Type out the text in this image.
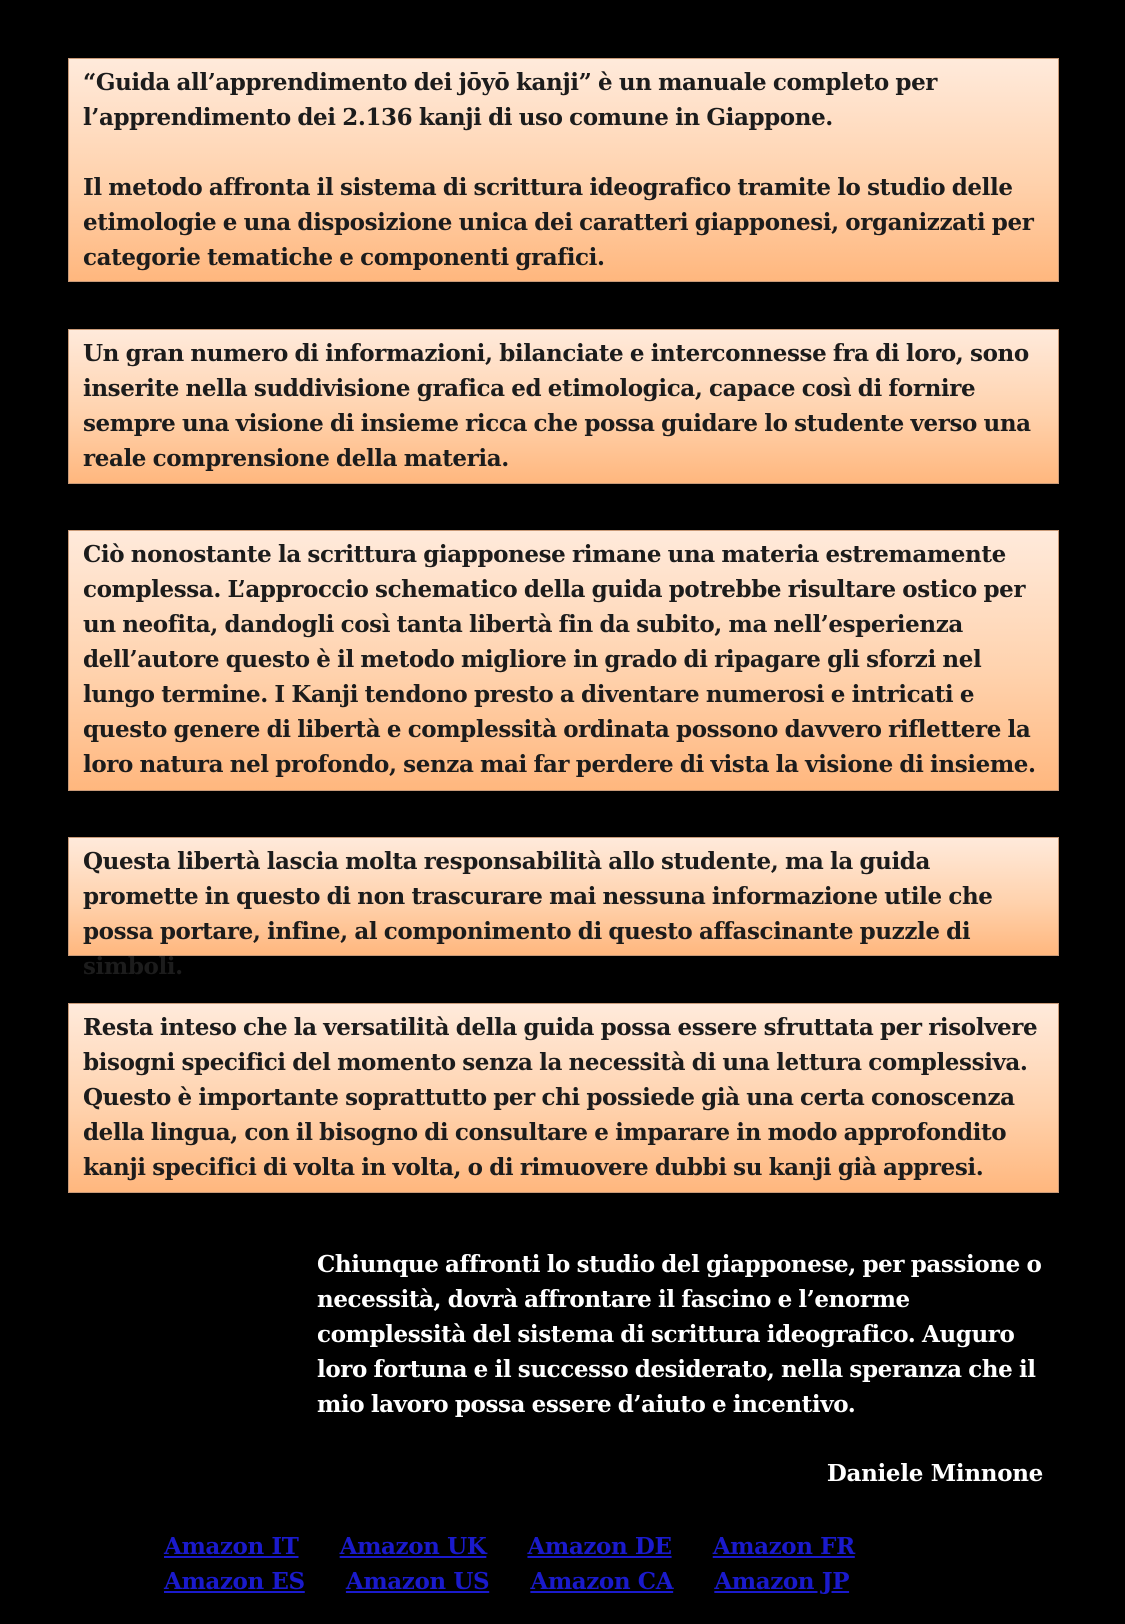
“Guida all’apprendimento dei jōyō kanji” è un manuale completo per l’apprendimento dei 2.136 kanji di uso comune in Giappone.

Il metodo affronta il sistema di scrittura ideografico tramite lo studio delle etimologie e una disposizione unica dei caratteri giapponesi, organizzati per categorie tematiche e componenti grafici.

Un gran numero di informazioni, bilanciate e interconnesse fra di loro, sono inserite nella suddivisione grafica ed etimologica, capace così di fornire sempre una visione di insieme ricca che possa guidare lo studente verso una reale comprensione della materia.

Ciò nonostante la scrittura giapponese rimane una materia estremamente complessa. L’approccio schematico della guida potrebbe risultare ostico per un neofita, dandogli così tanta libertà fin da subito, ma nell’esperienza dell’autore questo è il metodo migliore in grado di ripagare gli sforzi nel lungo termine. I Kanji tendono presto a diventare numerosi e intricati e questo genere di libertà e complessità ordinata possono davvero riflettere la loro natura nel profondo, senza mai far perdere di vista la visione di insieme.

Questa libertà lascia molta responsabilità allo studente, ma la guida promette in questo di non trascurare mai nessuna informazione utile che possa portare, infine, al componimento di questo affascinante puzzle di simboli.

Resta inteso che la versatilità della guida possa essere sfruttata per risolvere bisogni specifici del momento senza la necessità di una lettura complessiva. Questo è importante soprattutto per chi possiede già una certa conoscenza della lingua, con il bisogno di consultare e imparare in modo approfondito kanji specifici di volta in volta, o di rimuovere dubbi su kanji già appresi.

Chiunque affronti lo studio del giapponese, per passione o necessità, dovrà affrontare il fascino e l’enorme complessità del sistema di scrittura ideografico. Auguro loro fortuna e il successo desiderato, nella speranza che il mio lavoro possa essere d’aiuto e incentivo.

Daniele Minnone
Amazon IT - Amazon UK - Amazon DE - Amazon FR
Amazon ES - Amazon US - Amazon CA - Amazon JP
